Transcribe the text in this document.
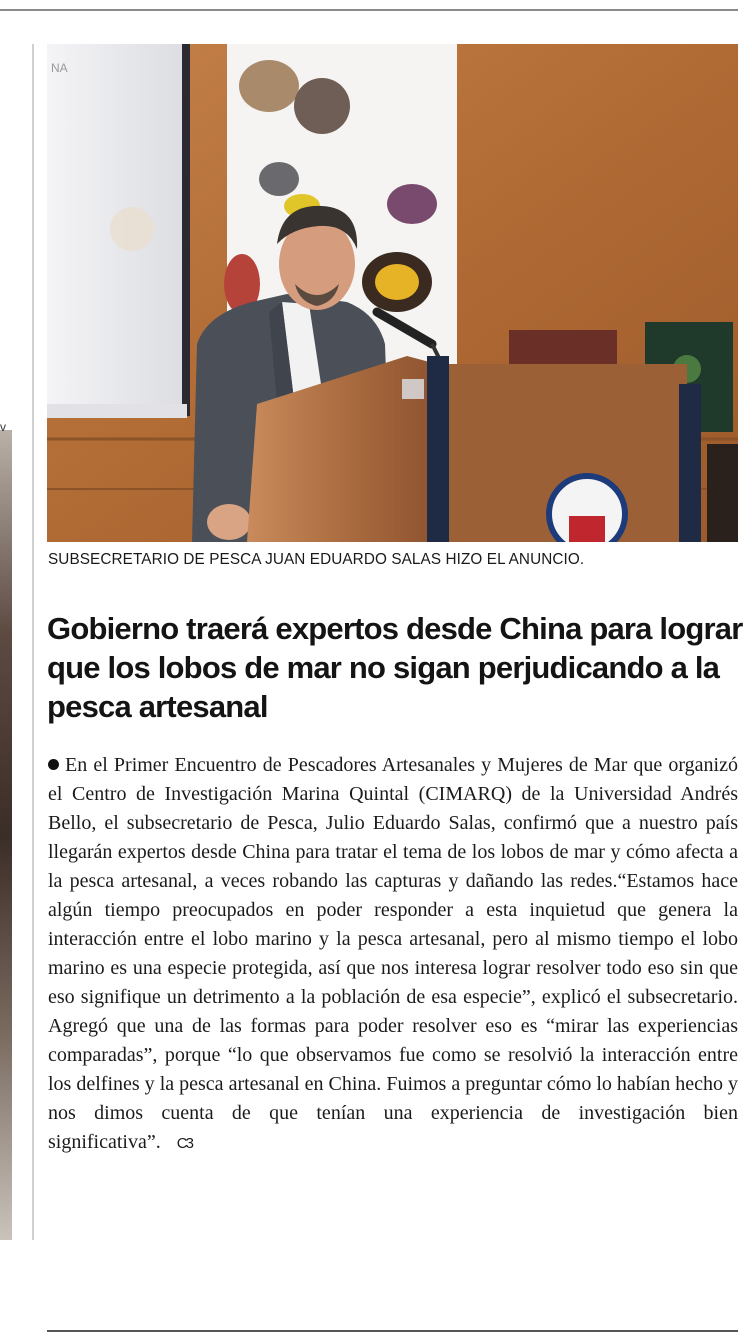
v
NA
SUBSECRETARIO DE PESCA JUAN EDUARDO SALAS HIZO EL ANUNCIO.
Gobierno traerá expertos desde China para lograr que los lobos de mar no sigan perjudicando a la pesca artesanal

En el Primer Encuentro de Pescadores Artesanales y Mujeres de Mar que organizó el Centro de Investigación Marina Quintal (CIMARQ) de la Universidad Andrés Bello, el subsecretario de Pesca, Julio Eduardo Salas, confirmó que a nuestro país llegarán expertos desde China para tratar el tema de los lobos de mar y cómo afecta a la pesca artesanal, a veces robando las capturas y dañando las redes.“Estamos hace algún tiempo preocupados en poder responder a esta inquietud que genera la interacción entre el lobo marino y la pesca artesanal, pero al mismo tiempo el lobo marino es una especie protegida, así que nos interesa lograr resolver todo eso sin que eso signifique un detrimento a la población de esa especie”, explicó el subsecretario. Agregó que una de las formas para poder resolver eso es “mirar las experiencias comparadas”, porque “lo que observamos fue como se resolvió la interacción entre los delfines y la pesca artesanal en China. Fuimos a preguntar cómo lo habían hecho y nos dimos cuenta de que tenían una experiencia de investigación bien significativa”. C3
